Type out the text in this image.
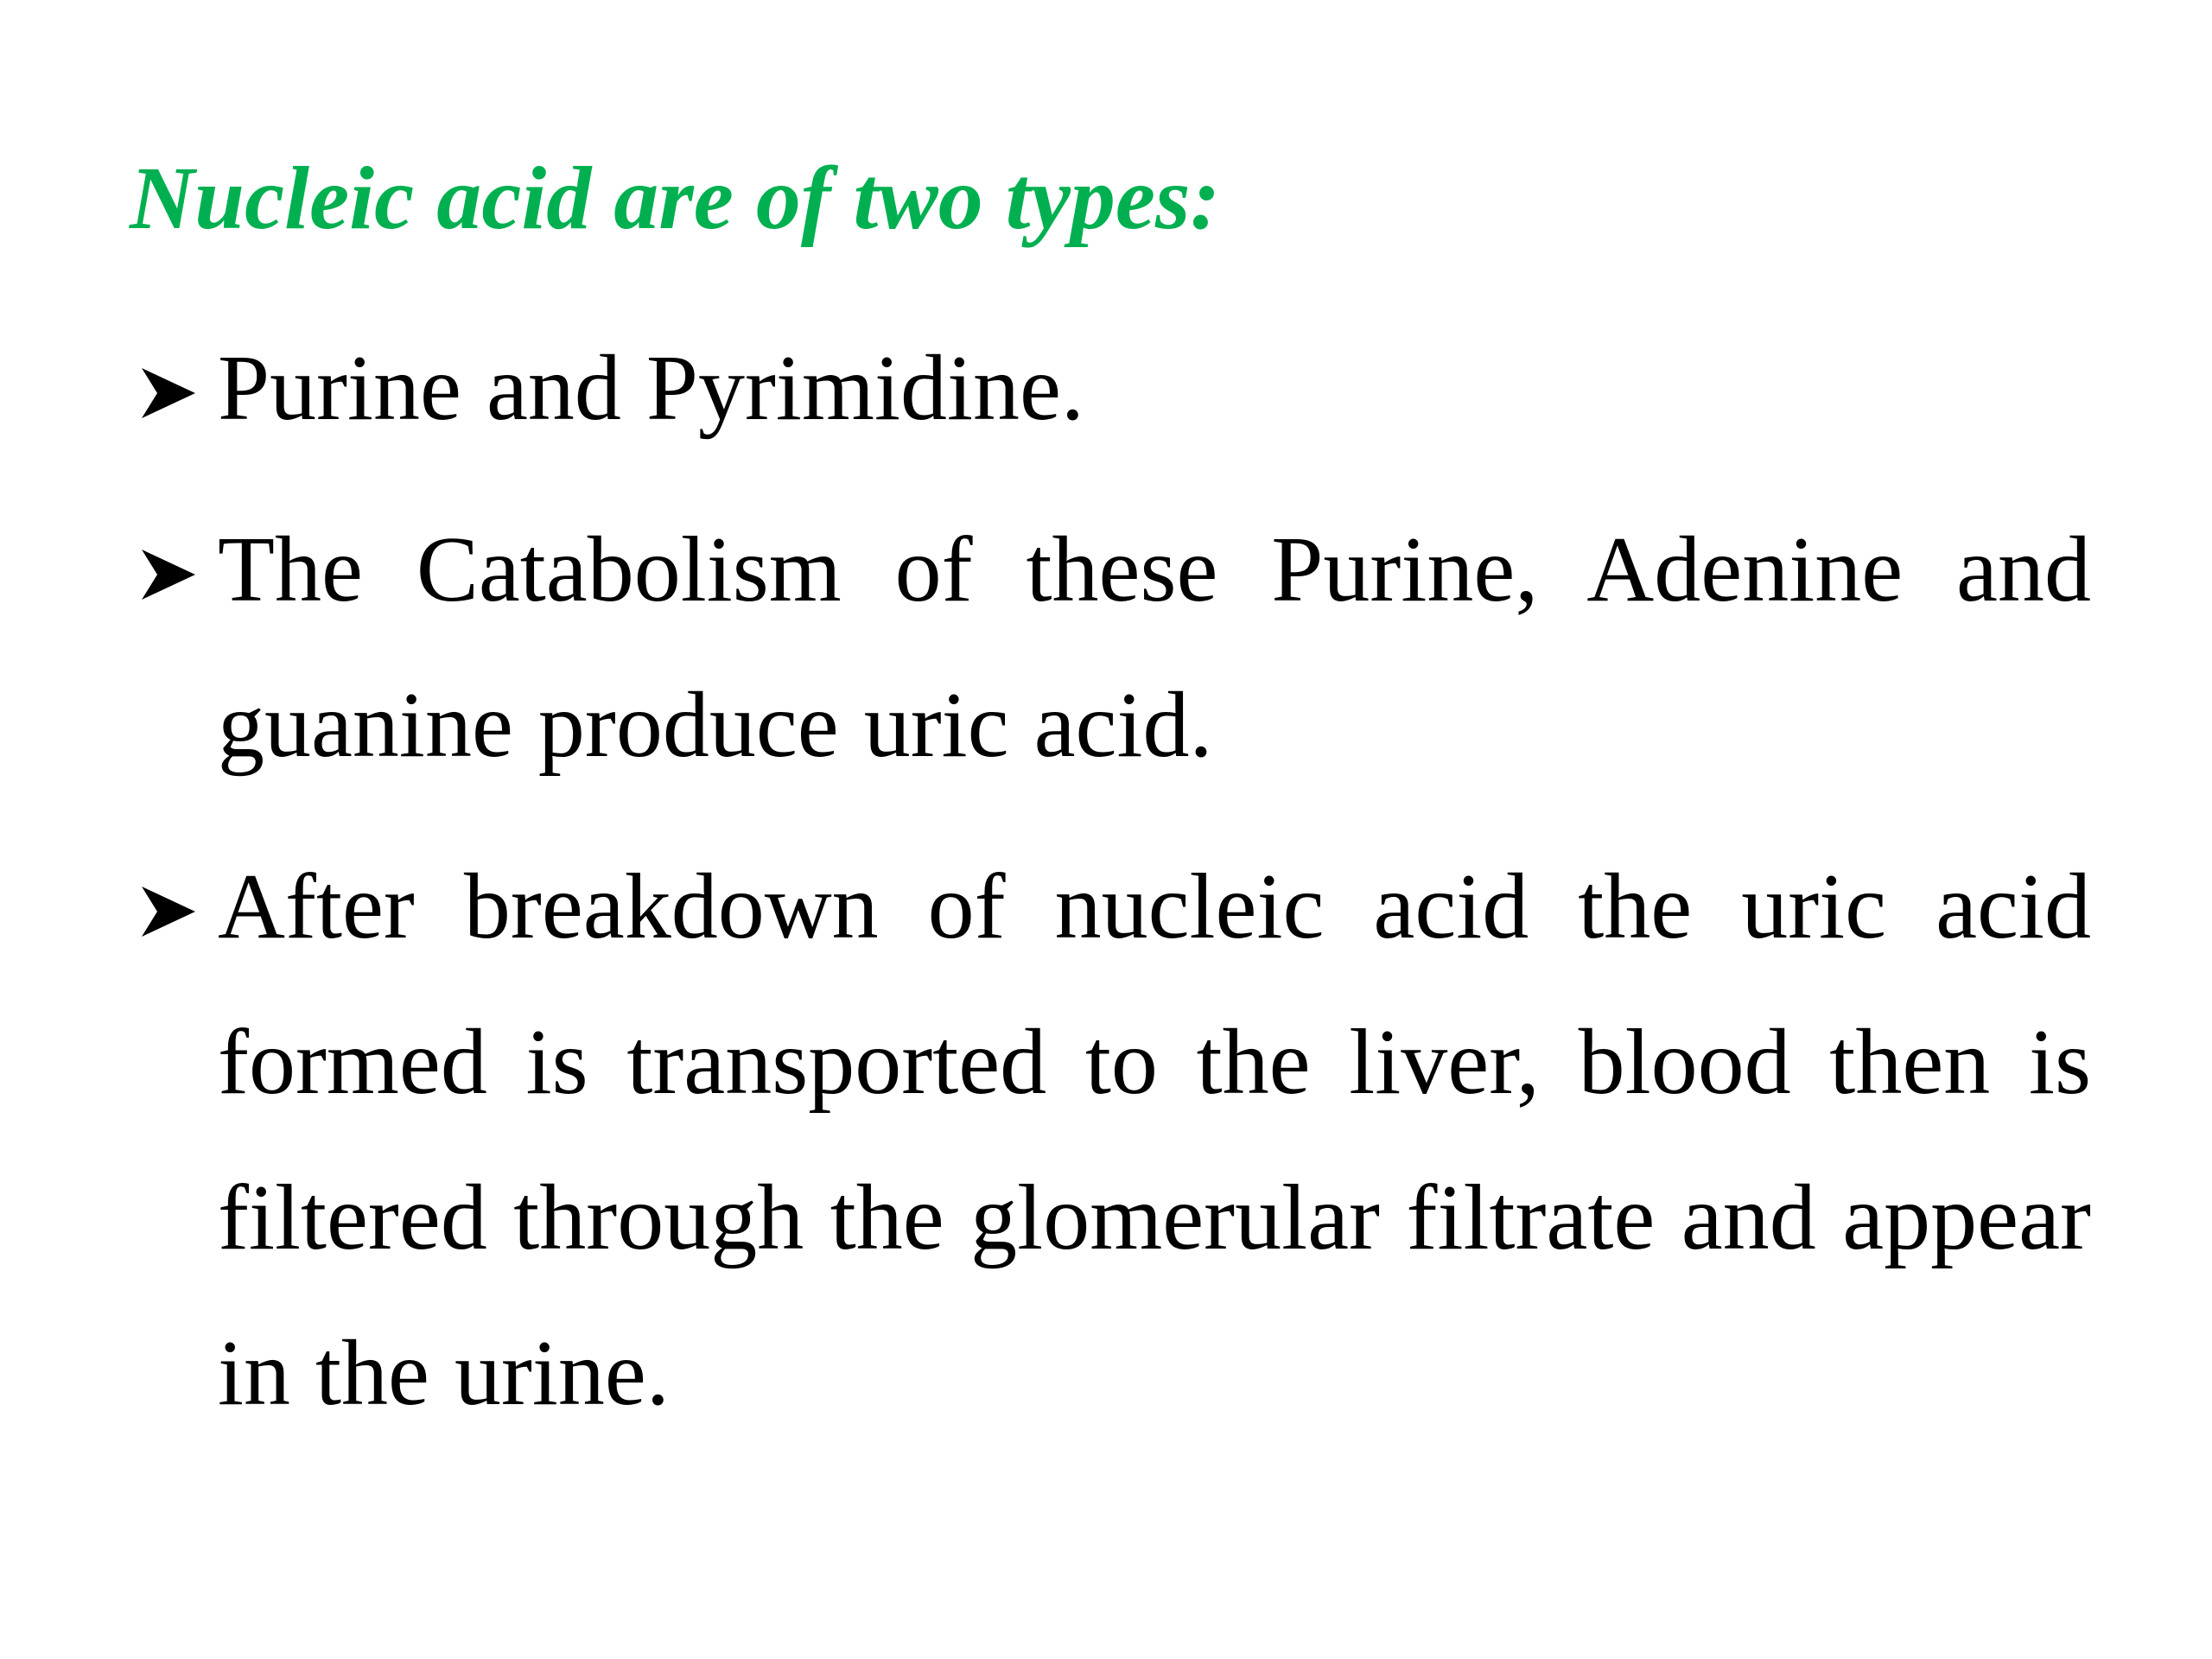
Nucleic acid are of two types:
Purine and Pyrimidine.
The Catabolism of these Purine, Adenine and guanine produce uric acid.
After breakdown of nucleic acid the uric acid formed is transported to the liver, blood then is filtered through the glomerular filtrate and appear in the urine.
